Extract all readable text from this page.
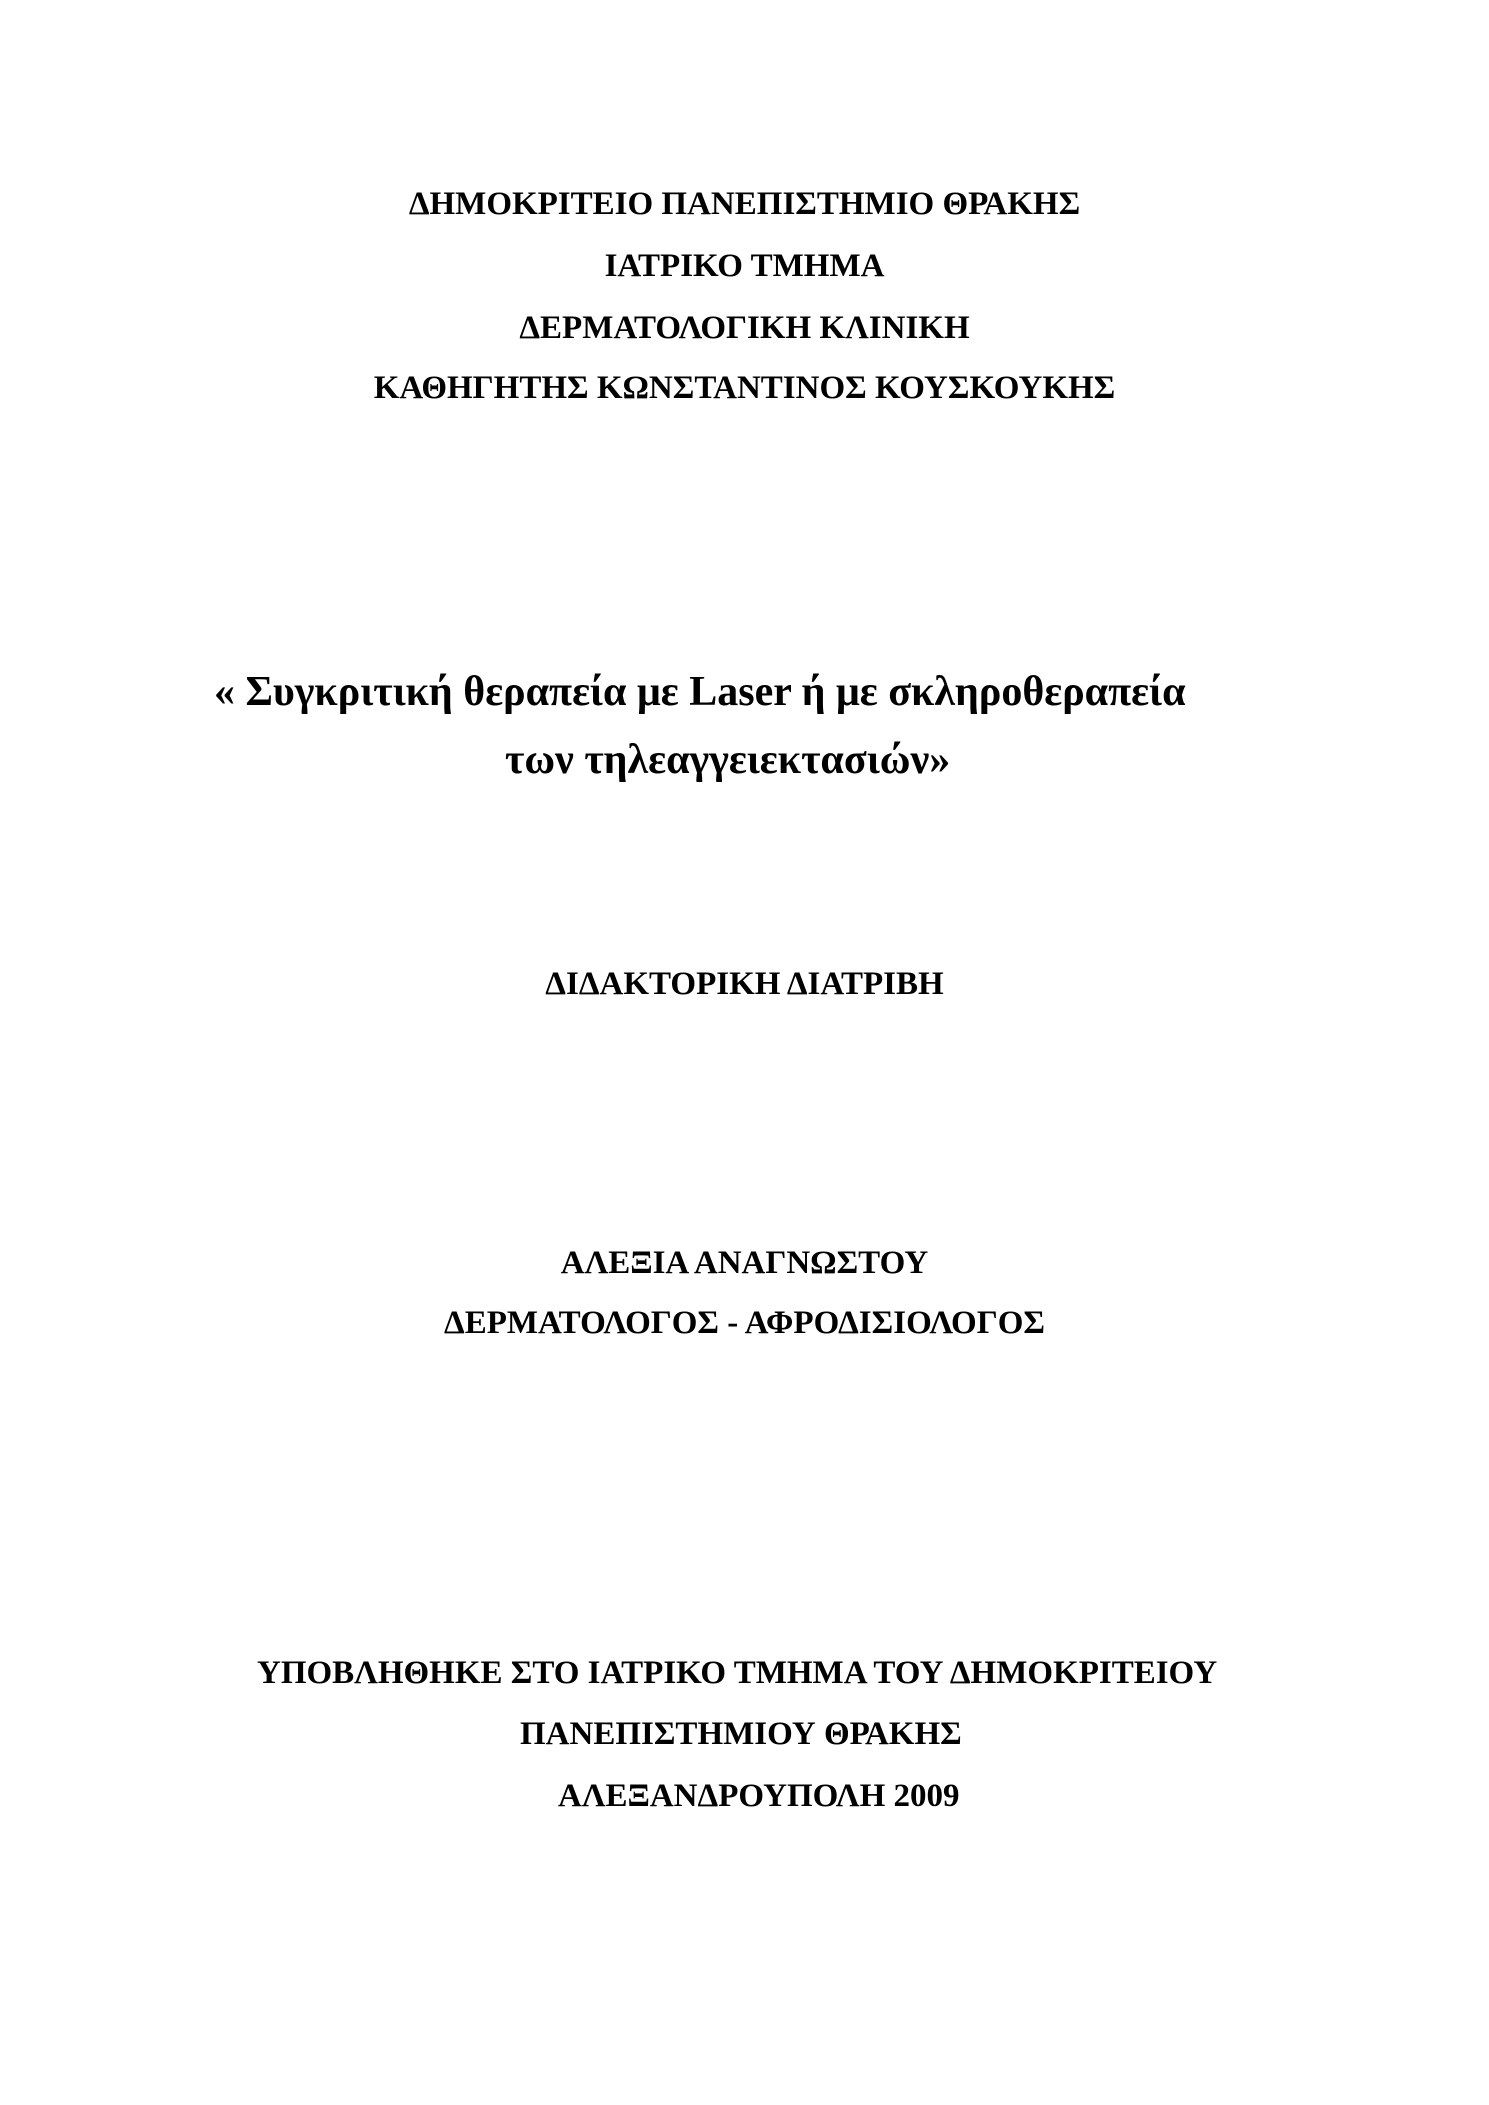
ΔΗΜΟΚΡΙΤΕΙΟ ΠΑΝΕΠΙΣΤΗΜΙΟ ΘΡΑΚΗΣ
ΙΑΤΡΙΚΟ ΤΜΗΜΑ
ΔΕΡΜΑΤΟΛΟΓΙΚΗ ΚΛΙΝΙΚΗ
ΚΑΘΗΓΗΤΗΣ ΚΩΝΣΤΑΝΤΙΝΟΣ ΚΟΥΣΚΟΥΚΗΣ
« Συγκριτική θεραπεία με Laser ή με σκληροθεραπεία
των τηλεαγγειεκτασιών»
ΔΙΔΑΚΤΟΡΙΚΗ ΔΙΑΤΡΙΒΗ
ΑΛΕΞΙΑ ΑΝΑΓΝΩΣΤΟΥ
ΔΕΡΜΑΤΟΛΟΓΟΣ - ΑΦΡΟΔΙΣΙΟΛΟΓΟΣ
ΥΠΟΒΛΗΘΗΚΕ ΣΤΟ ΙΑΤΡΙΚΟ ΤΜΗΜΑ ΤΟΥ ΔΗΜΟΚΡΙΤΕΙΟΥ
ΠΑΝΕΠΙΣΤΗΜΙΟΥ ΘΡΑΚΗΣ
ΑΛΕΞΑΝΔΡΟΥΠΟΛΗ 2009
